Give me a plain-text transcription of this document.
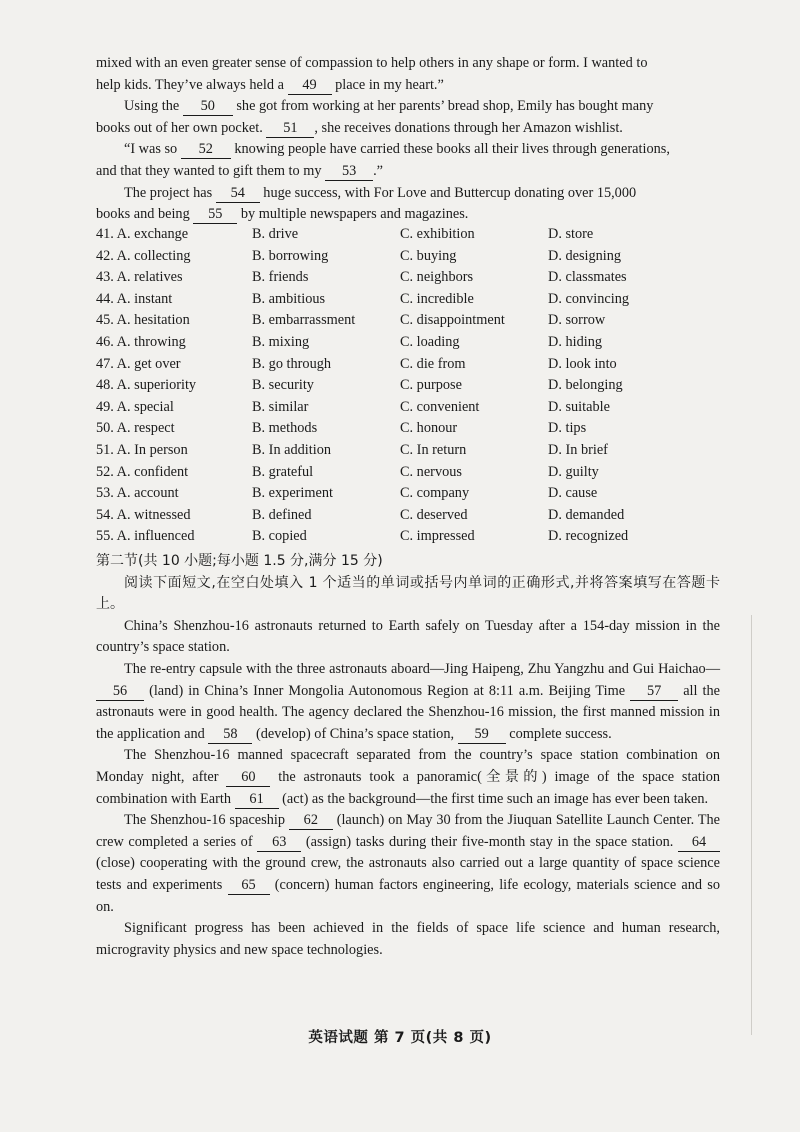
mixed with an even greater sense of compassion to help others in any shape or form. I wanted to

help kids. They’ve always held a 49 place in my heart.”

Using the 50 she got from working at her parents’ bread shop, Emily has bought many

books out of her own pocket. 51 , she receives donations through her Amazon wishlist.

“I was so 52 knowing people have carried these books all their lives through generations,

and that they wanted to gift them to my 53 .”

The project has 54 huge success, with For Love and Buttercup donating over 15,000

books and being 55 by multiple newspapers and magazines.

41. A. exchange	B. drive	C. exhibition	D. store
42. A. collecting	B. borrowing	C. buying	D. designing
43. A. relatives	B. friends	C. neighbors	D. classmates
44. A. instant	B. ambitious	C. incredible	D. convincing
45. A. hesitation	B. embarrassment	C. disappointment	D. sorrow
46. A. throwing	B. mixing	C. loading	D. hiding
47. A. get over	B. go through	C. die from	D. look into
48. A. superiority	B. security	C. purpose	D. belonging
49. A. special	B. similar	C. convenient	D. suitable
50. A. respect	B. methods	C. honour	D. tips
51. A. In person	B. In addition	C. In return	D. In brief
52. A. confident	B. grateful	C. nervous	D. guilty
53. A. account	B. experiment	C. company	D. cause
54. A. witnessed	B. defined	C. deserved	D. demanded
55. A. influenced	B. copied	C. impressed	D. recognized

第二节(共 10 小题;每小题 1.5 分,满分 15 分)

阅读下面短文,在空白处填入 1 个适当的单词或括号内单词的正确形式,并将答案填写在答题卡上。

China’s Shenzhou-16 astronauts returned to Earth safely on Tuesday after a 154-day mission in the country’s space station.

The re-entry capsule with the three astronauts aboard—Jing Haipeng, Zhu Yangzhu and Gui Haichao— 56 (land) in China’s Inner Mongolia Autonomous Region at 8:11 a.m. Beijing Time 57 all the astronauts were in good health. The agency declared the Shenzhou-16 mission, the first manned mission in the application and 58 (develop) of China’s space station, 59 complete success.

The Shenzhou-16 manned spacecraft separated from the country’s space station combination on Monday night, after 60 the astronauts took a panoramic(全景的) image of the space station combination with Earth 61 (act) as the background—the first time such an image has ever been taken.

The Shenzhou-16 spaceship 62 (launch) on May 30 from the Jiuquan Satellite Launch Center. The crew completed a series of 63 (assign) tasks during their five-month stay in the space station. 64 (close) cooperating with the ground crew, the astronauts also carried out a large quantity of space science tests and experiments 65 (concern) human factors engineering, life ecology, materials science and so on.

Significant progress has been achieved in the fields of space life science and human research, microgravity physics and new space technologies.

英语试题 第 7 页(共 8 页)
